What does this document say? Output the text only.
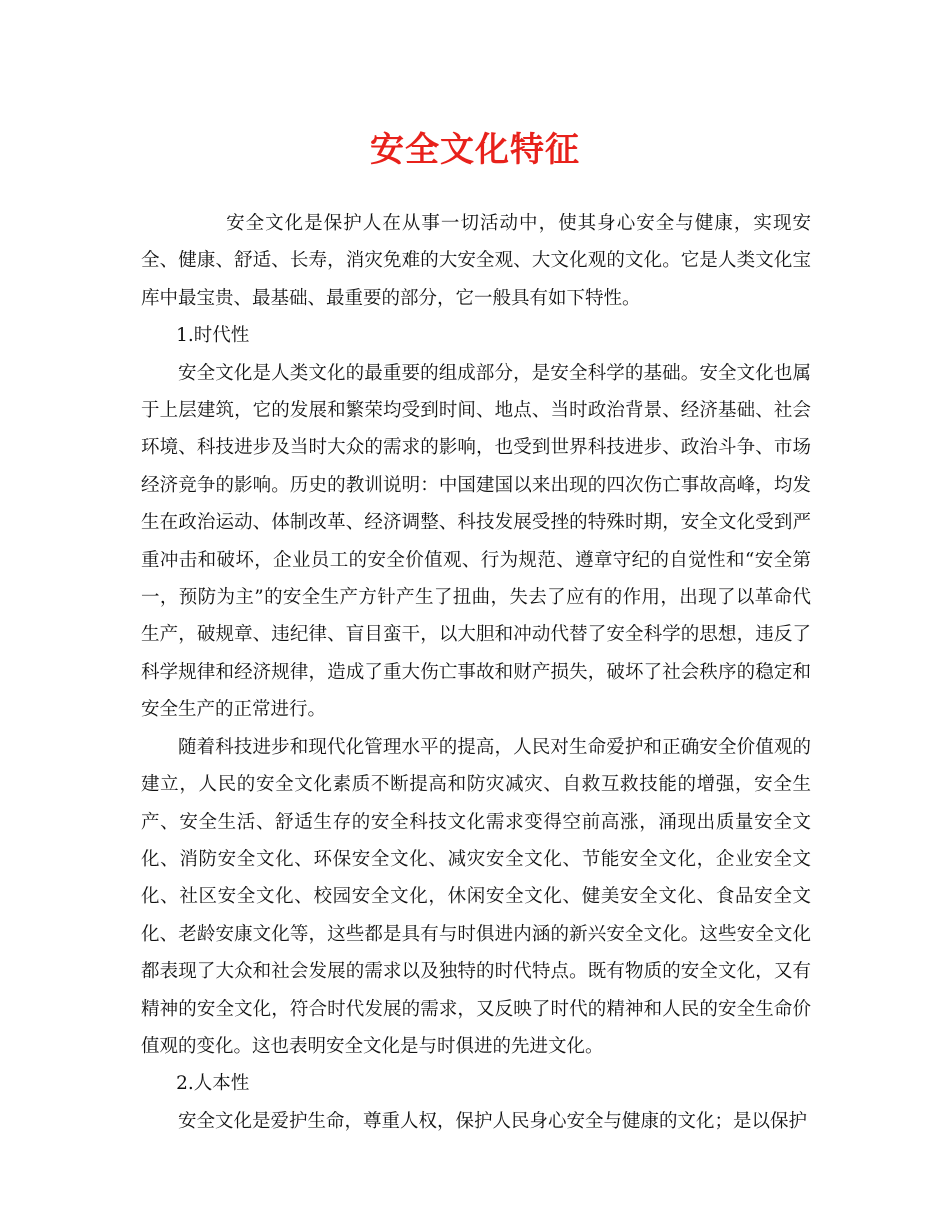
安全文化特征

安全文化是保护人在从事一切活动中，使其身心安全与健康，实现安全、健康、舒适、长寿，消灾免难的大安全观、大文化观的文化。它是人类文化宝库中最宝贵、最基础、最重要的部分，它一般具有如下特性。

1.时代性

安全文化是人类文化的最重要的组成部分，是安全科学的基础。安全文化也属于上层建筑，它的发展和繁荣均受到时间、地点、当时政治背景、经济基础、社会环境、科技进步及当时大众的需求的影响，也受到世界科技进步、政治斗争、市场经济竞争的影响。历史的教训说明：中国建国以来出现的四次伤亡事故高峰，均发生在政治运动、体制改革、经济调整、科技发展受挫的特殊时期，安全文化受到严重冲击和破坏，企业员工的安全价值观、行为规范、遵章守纪的自觉性和“安全第一，预防为主”的安全生产方针产生了扭曲，失去了应有的作用，出现了以革命代生产，破规章、违纪律、盲目蛮干，以大胆和冲动代替了安全科学的思想，违反了科学规律和经济规律，造成了重大伤亡事故和财产损失，破坏了社会秩序的稳定和安全生产的正常进行。

随着科技进步和现代化管理水平的提高，人民对生命爱护和正确安全价值观的建立，人民的安全文化素质不断提高和防灾减灾、自救互救技能的增强，安全生产、安全生活、舒适生存的安全科技文化需求变得空前高涨，涌现出质量安全文化、消防安全文化、环保安全文化、减灾安全文化、节能安全文化，企业安全文化、社区安全文化、校园安全文化，休闲安全文化、健美安全文化、食品安全文化、老龄安康文化等，这些都是具有与时俱进内涵的新兴安全文化。这些安全文化都表现了大众和社会发展的需求以及独特的时代特点。既有物质的安全文化，又有精神的安全文化，符合时代发展的需求，又反映了时代的精神和人民的安全生命价值观的变化。这也表明安全文化是与时俱进的先进文化。

2.人本性

安全文化是爱护生命，尊重人权，保护人民身心安全与健康的文化；是以保护
